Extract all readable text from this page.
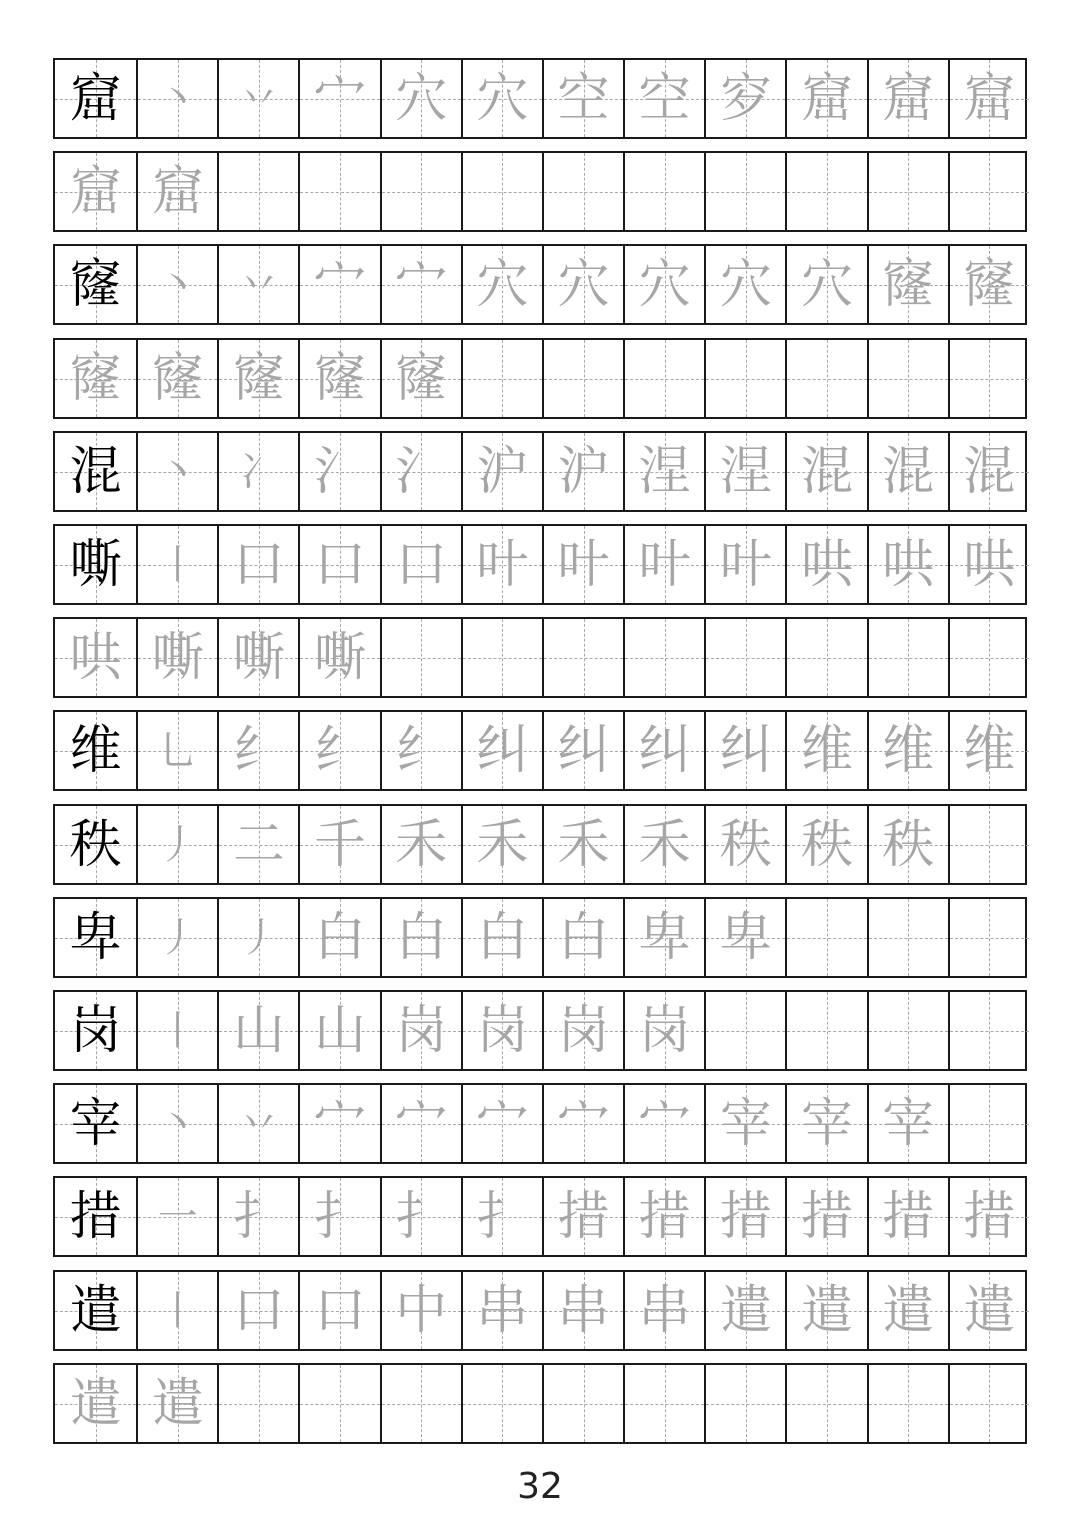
窟 丶	丷 宀 穴 穴 空 空 穸 窟 窟 窟
窟 窟
窿 丶	丷 宀 宀 穴 穴 穴 穴 穴 窿 窿
窿 窿 窿 窿 窿
混 丶	冫 氵 氵 沪 沪 涅 涅 混 混 混
嘶 丨 口 口 口 叶 叶 叶 叶 哄 哄 哄
哄 嘶 嘶 嘶
维 乚 纟 纟 纟 纠 纠 纠 纠 维 维 维
秩 丿 二 千 禾 禾 禾 禾 秩 秩 秩
卑 丿	丿 白 白 白 白 卑 卑
岗 丨 山 山 岗 岗 岗 岗
宰 丶	丷 宀 宀 宀 宀 宀 宰 宰 宰
措 一 扌 扌 扌 扌 措 措 措 措 措 措
遣 丨 口 口 中 串 串 串 遣 遣 遣 遣
遣 遣
32
